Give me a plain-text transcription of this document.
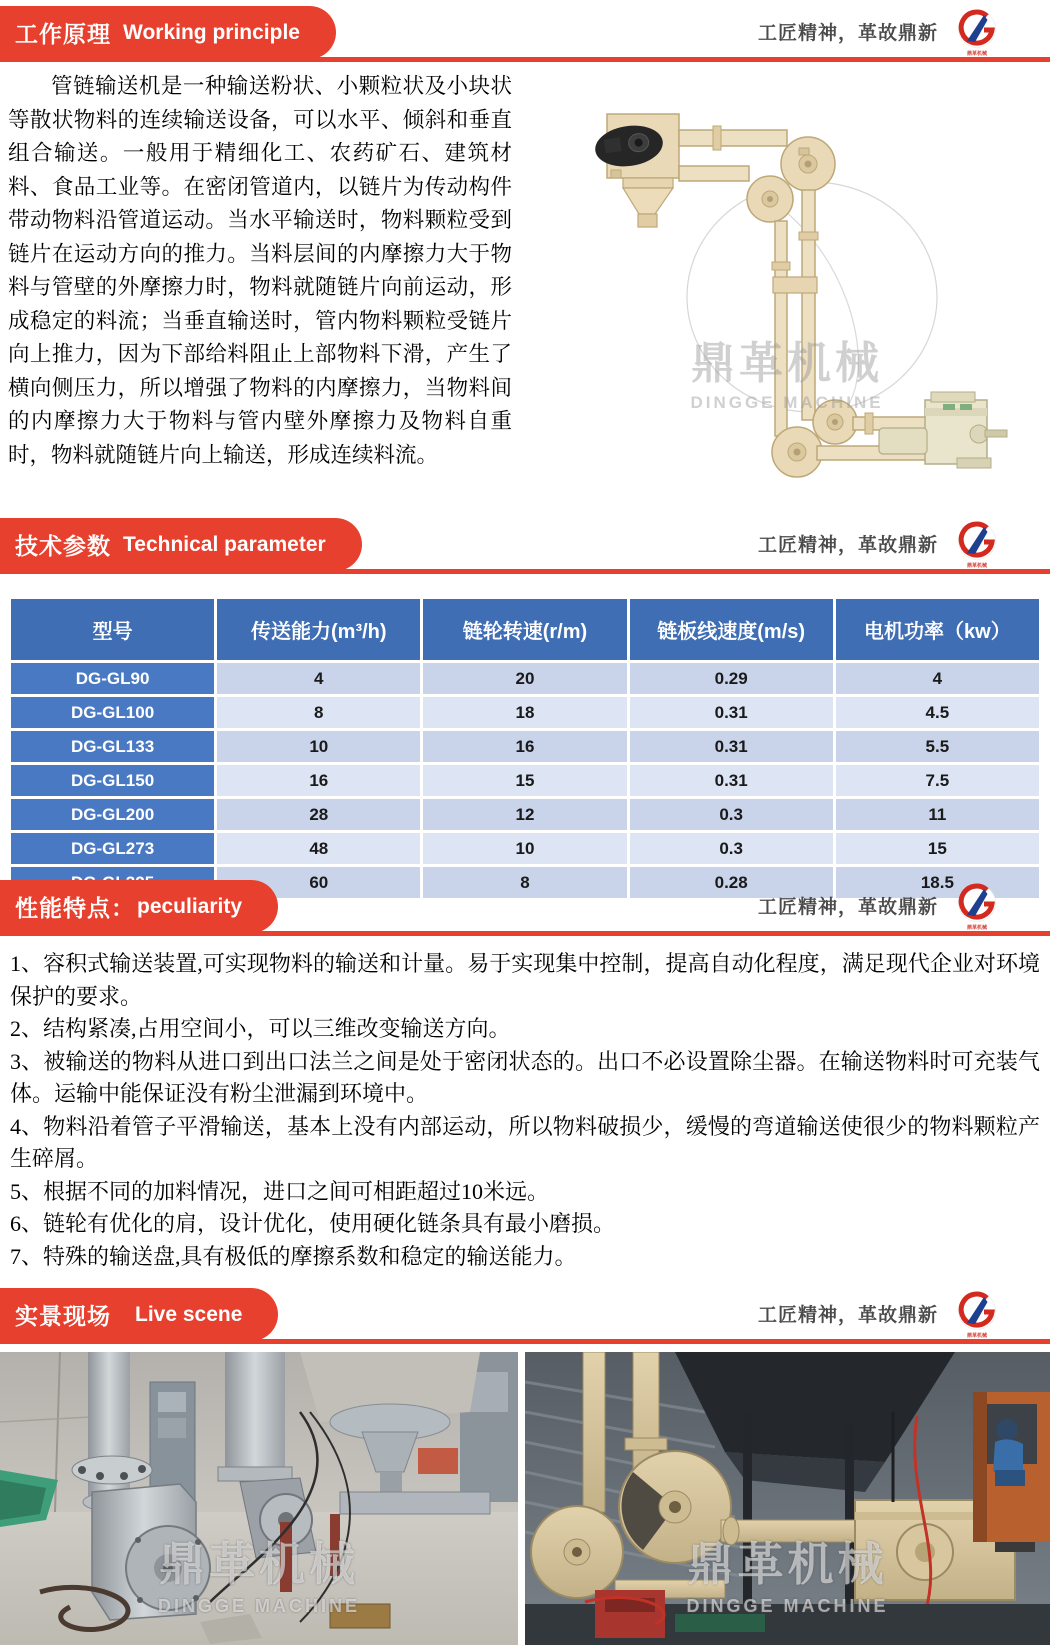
工作原理 Working principle	工匠精神，革故鼎新
鼎革机械
管链输送机是一种输送粉状、小颗粒状及小块状等散状物料的连续输送设备，可以水平、倾斜和垂直组合输送。一般用于精细化工、农药矿石、建筑材料、食品工业等。在密闭管道内，以链片为传动构件带动物料沿管道运动。当水平输送时，物料颗粒受到链片在运动方向的推力。当料层间的内摩擦力大于物料与管壁的外摩擦力时，物料就随链片向前运动，形成稳定的料流；当垂直输送时，管内物料颗粒受链片向上推力，因为下部给料阻止上部物料下滑，产生了横向侧压力，所以增强了物料的内摩擦力，当物料间的内摩擦力大于物料与管内壁外摩擦力及物料自重时，物料就随链片向上输送，形成连续料流。
鼎革机械
DINGGE MACHINE
技术参数 Technical parameter	工匠精神，革故鼎新
鼎革机械
型号	传送能力(m³/h)	链轮转速(r/m)	链板线速度(m/s)	电机功率（kw）
DG-GL90	4	20	0.29	4
DG-GL100	8	18	0.31	4.5
DG-GL133	10	16	0.31	5.5
DG-GL150	16	15	0.31	7.5
DG-GL200	28	12	0.3	11
DG-GL273	48	10	0.3	15
	60	8	0.28	18.5
性能特点： peculiarity	工匠精神，革故鼎新
鼎革机械

1、容积式输送装置,可实现物料的输送和计量。易于实现集中控制，提高自动化程度，满足现代企业对环境保护的要求。

2、结构紧凑,占用空间小，可以三维改变输送方向。

3、被输送的物料从进口到出口法兰之间是处于密闭状态的。出口不必设置除尘器。在输送物料时可充装气体。运输中能保证没有粉尘泄漏到环境中。

4、物料沿着管子平滑输送，基本上没有内部运动，所以物料破损少，缓慢的弯道输送使很少的物料颗粒产生碎屑。

5、根据不同的加料情况，进口之间可相距超过10米远。

6、链轮有优化的肩，设计优化，使用硬化链条具有最小磨损。

7、特殊的输送盘,具有极低的摩擦系数和稳定的输送能力。

实景现场 Live scene	工匠精神，革故鼎新
鼎革机械
鼎革机械
DINGGE MACHINE
鼎革机械
DINGGE MACHINE
